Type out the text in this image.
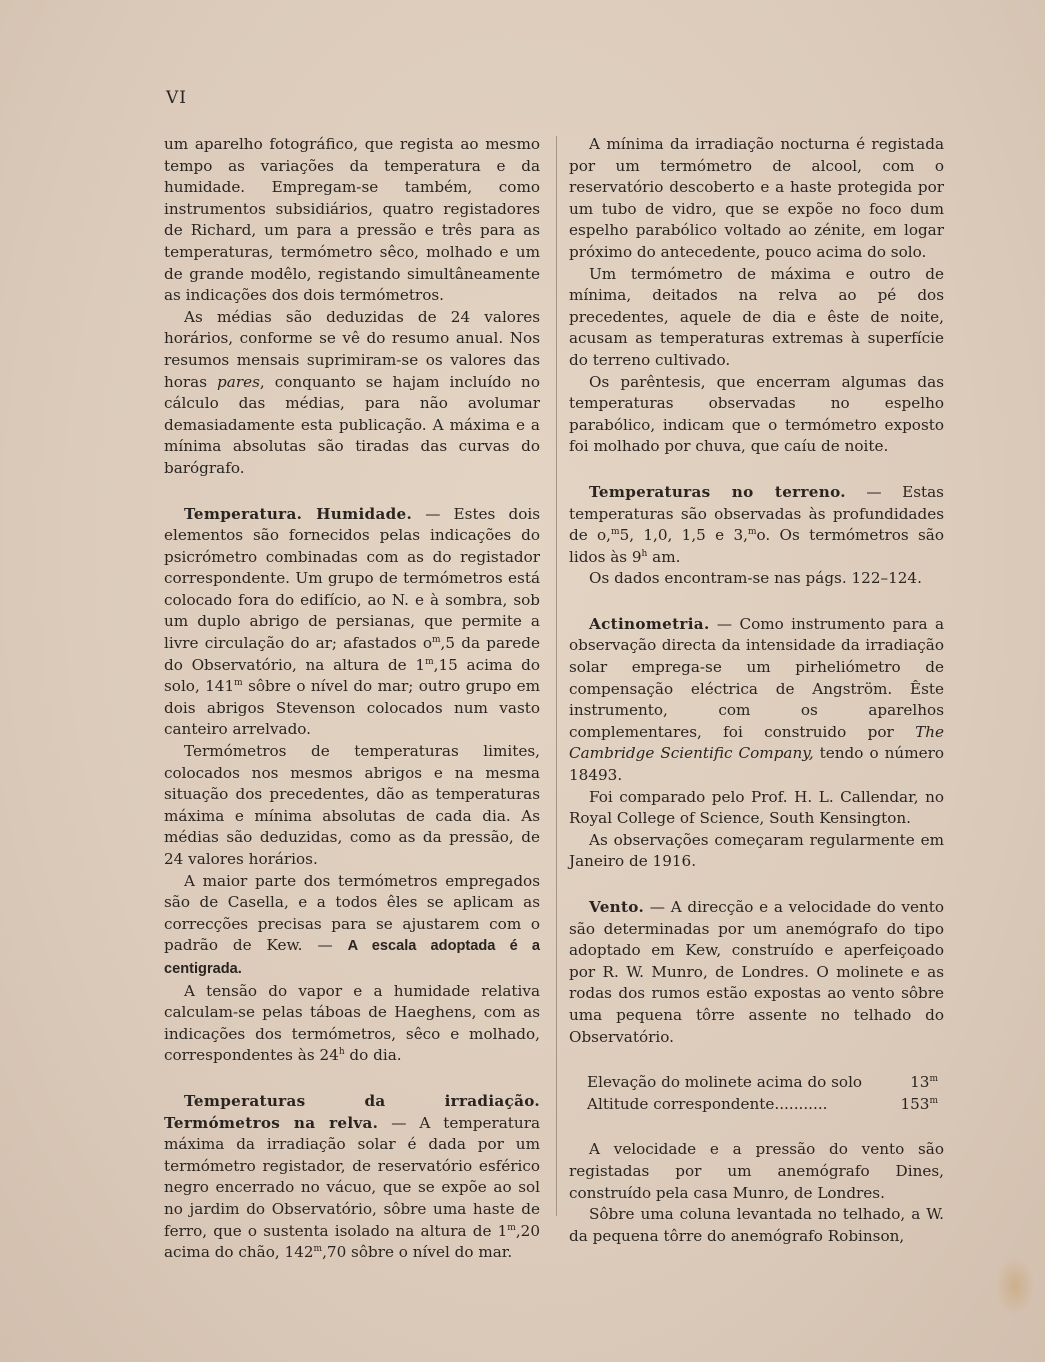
VI

um aparelho fotográfico, que regista ao mesmo tempo as variações da temperatura e da humidade. Empregam-se também, como instrumentos subsidiários, quatro registadores de Richard, um para a pressão e três para as temperaturas, termómetro sêco, molhado e um de grande modêlo, registando simultâneamente as indicações dos dois termómetros.

As médias são deduzidas de 24 valores horários, conforme se vê do resumo anual. Nos resumos mensais suprimiram-se os valores das horas pares, conquanto se hajam incluído no cálculo das médias, para não avolumar demasiadamente esta publicação. A máxima e a mínima absolutas são tiradas das curvas do barógrafo.

Temperatura. Humidade. — Estes dois elementos são fornecidos pelas indicações do psicrómetro combinadas com as do registador correspondente. Um grupo de termómetros está colocado fora do edifício, ao N. e à sombra, sob um duplo abrigo de persianas, que permite a livre circulação do ar; afastados $o^m,5$ da parede do Observatório, na altura de 1$^m$,15 acima do solo, 141$^m$ sôbre o nível do mar; outro grupo em dois abrigos Stevenson colocados num vasto canteiro arrelvado.

Termómetros de temperaturas limites, colocados nos mesmos abrigos e na mesma situação dos precedentes, dão as temperaturas máxima e mínima absolutas de cada dia. As médias são deduzidas, como as da pressão, de 24 valores horários.

A maior parte dos termómetros empregados são de Casella, e a todos êles se aplicam as correcções precisas para se ajustarem com o padrão de Kew. — A escala adoptada é a centigrada.

A tensão do vapor e a humidade relativa calculam-se pelas táboas de Haeghens, com as indicações dos termómetros, sêco e molhado, correspondentes às 24$^h$ do dia.

Temperaturas da irradiação. Termómetros na relva. — A temperatura máxima da irradiação solar é dada por um termómetro registador, de reservatório esférico negro encerrado no vácuo, que se expõe ao sol no jardim do Observatório, sôbre uma haste de ferro, que o sustenta isolado na altura de 1$^m$,20 acima do chão, 142$^m$,70 sôbre o nível do mar.

A mínima da irradiação nocturna é registada por um termómetro de alcool, com o reservatório descoberto e a haste protegida por um tubo de vidro, que se expõe no foco dum espelho parabólico voltado ao zénite, em logar próximo do antecedente, pouco acima do solo.

Um termómetro de máxima e outro de mínima, deitados na relva ao pé dos precedentes, aquele de dia e êste de noite, acusam as temperaturas extremas à superfície do terreno cultivado.

Os parêntesis, que encerram algumas das temperaturas observadas no espelho parabólico, indicam que o termómetro exposto foi molhado por chuva, que caíu de noite.

Temperaturas no terreno. — Estas temperaturas são observadas às profundidades de o,$^m$5, 1,0, 1,5 e 3,$^m$o. Os termómetros são lidos às 9$^h$ am.

Os dados encontram-se nas págs. 122–124.

Actinometria. — Como instrumento para a observação directa da intensidade da irradiação solar emprega-se um pirheliómetro de compensação eléctrica de Angström. Êste instrumento, com os aparelhos complementares, foi construido por The Cambridge Scientific Company, tendo o número 18493.

Foi comparado pelo Prof. H. L. Callendar, no Royal College of Science, South Kensington.

As observações começaram regularmente em Janeiro de 1916.

Vento. — A direcção e a velocidade do vento são determinadas por um anemógrafo do tipo adoptado em Kew, construído e aperfeiçoado por R. W. Munro, de Londres. O molinete e as rodas dos rumos estão expostas ao vento sôbre uma pequena tôrre assente no telhado do Observatório.

Elevação do molinete acima do solo	13$^m$
Altitude correspondente...........	153$^m$

A velocidade e a pressão do vento são registadas por um anemógrafo Dines, construído pela casa Munro, de Londres.

Sôbre uma coluna levantada no telhado, a W. da pequena tôrre do anemógrafo Robinson,
